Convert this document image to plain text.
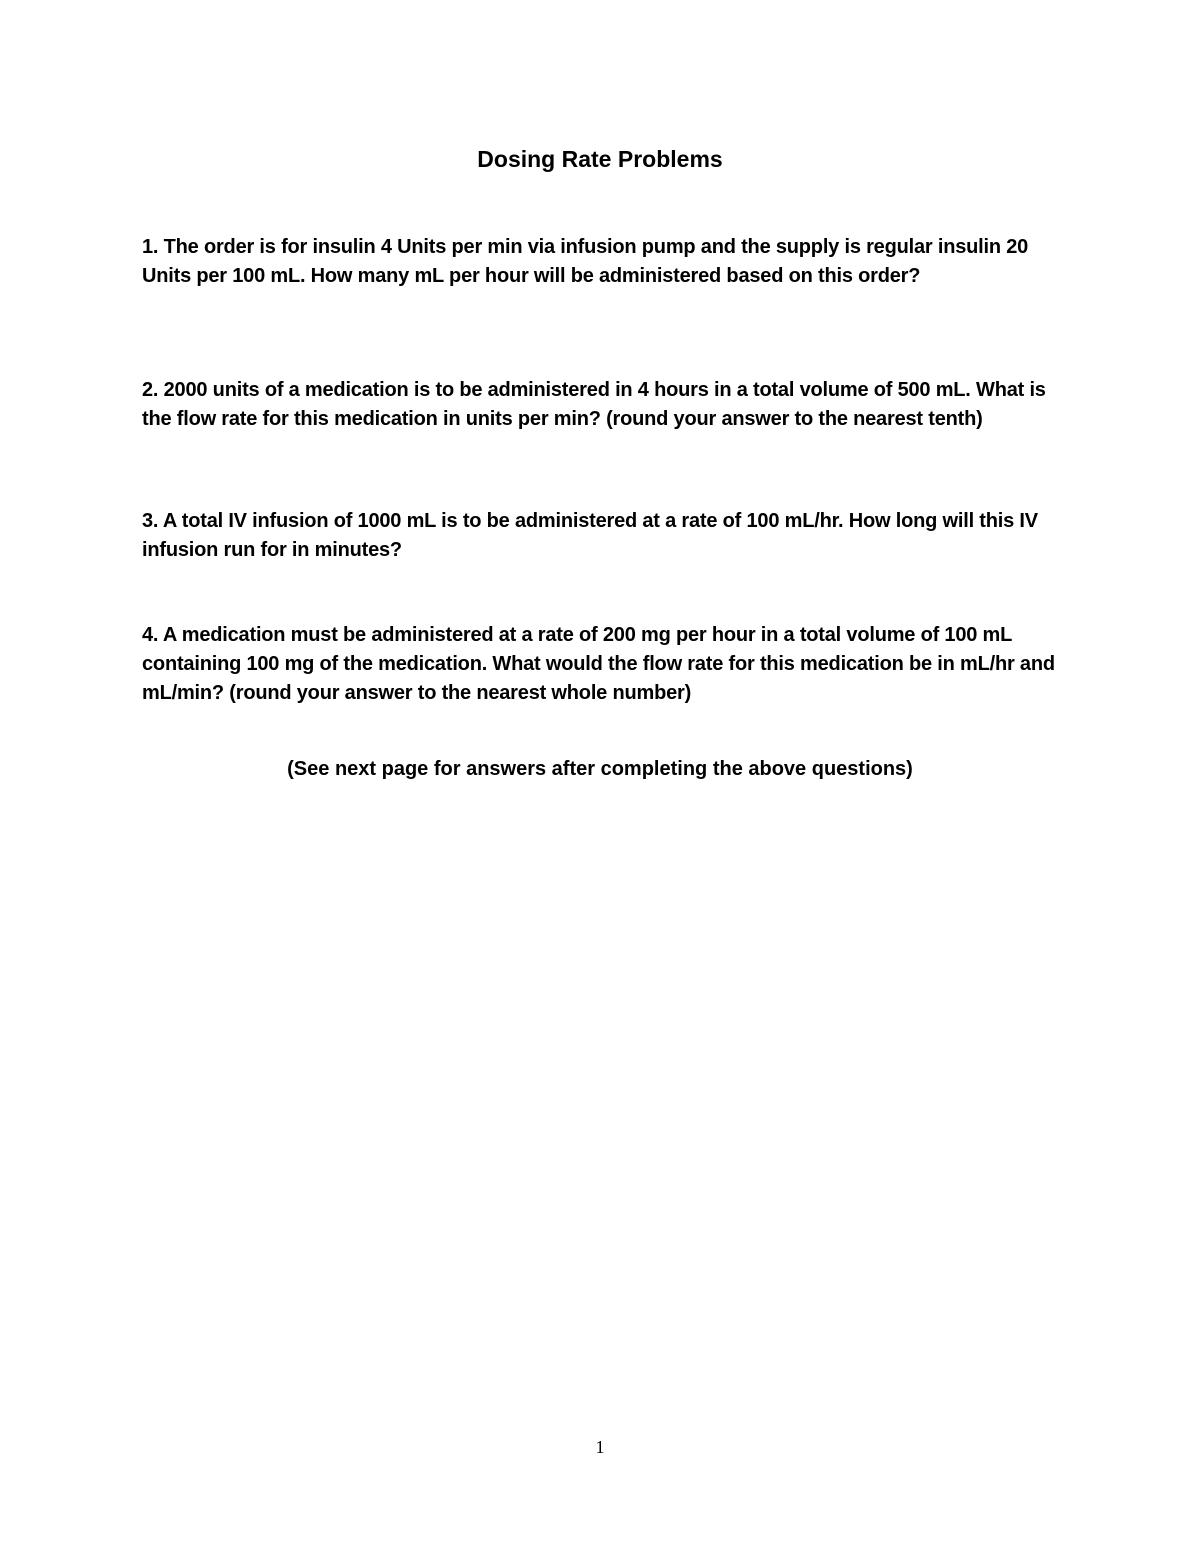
Dosing Rate Problems

1. The order is for insulin 4 Units per min via infusion pump and the supply is regular insulin 20 Units per 100 mL. How many mL per hour will be administered based on this order?

2. 2000 units of a medication is to be administered in 4 hours in a total volume of 500 mL. What is the flow rate for this medication in units per min? (round your answer to the nearest tenth)

3. A total IV infusion of 1000 mL is to be administered at a rate of 100 mL/hr. How long will this IV infusion run for in minutes?

4. A medication must be administered at a rate of 200 mg per hour in a total volume of 100 mL containing 100 mg of the medication. What would the flow rate for this medication be in mL/hr and mL/min? (round your answer to the nearest whole number)

(See next page for answers after completing the above questions)

1
